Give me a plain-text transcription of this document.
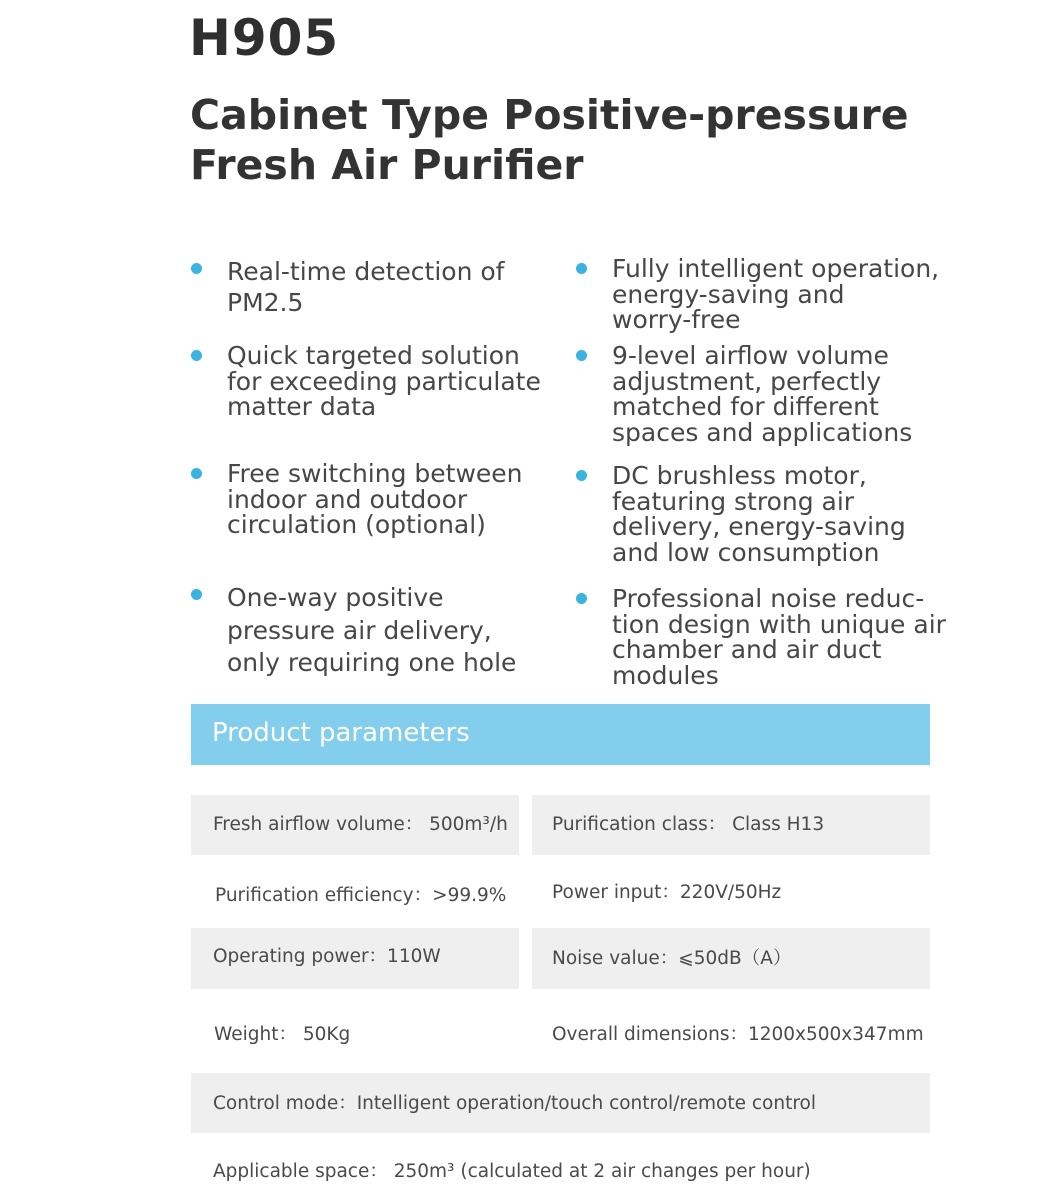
H905
Cabinet Type Positive-pressure
Fresh Air Purifier
Real-time detection of
PM2.5
Quick targeted solution
for exceeding particulate
matter data
Free switching between
indoor and outdoor
circulation (optional)
One-way positive
pressure air delivery,
only requiring one hole
Fully intelligent operation,
energy-saving and
worry-free
9-level airflow volume
adjustment, perfectly
matched for different
spaces and applications
DC brushless motor,
featuring strong air
delivery, energy-saving
and low consumption
Professional noise reduc-
tion design with unique air
chamber and air duct
modules
Product parameters
Fresh airflow volume： 500m³/h Purification class： Class H13
Purification efficiency：>99.9% Power input：220V/50Hz
Operating power：110W	Noise value：⩽50dB（A）
Weight： 50Kg	Overall dimensions：1200x500x347mm
Control mode：Intelligent operation/touch control/remote control
Applicable space： 250m³ (calculated at 2 air changes per hour)
